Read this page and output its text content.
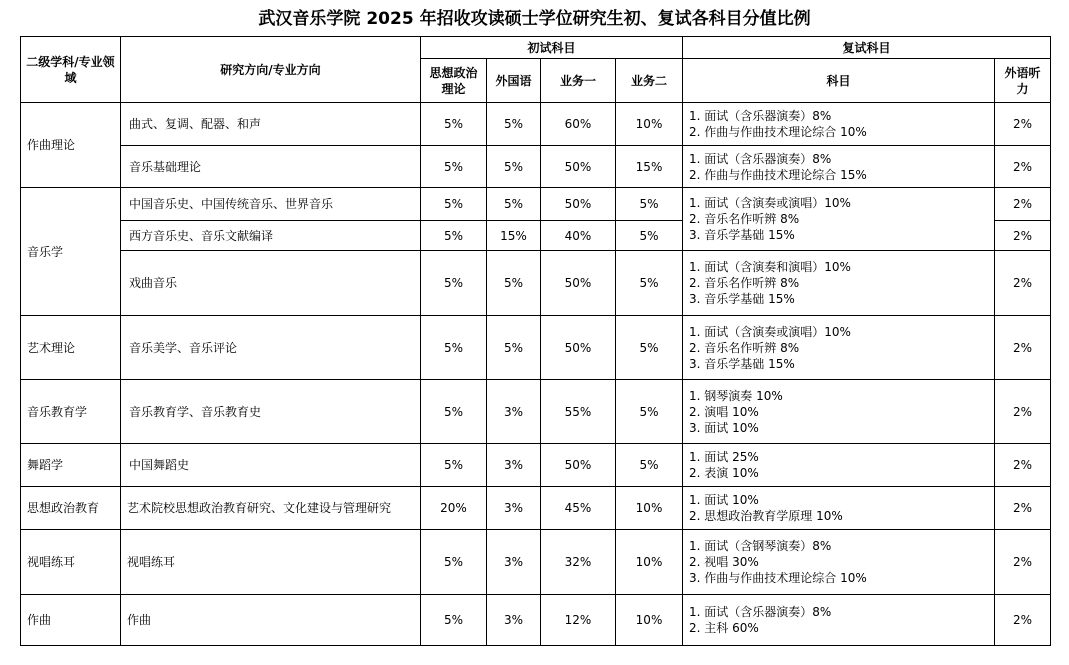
武汉音乐学院 2025 年招收攻读硕士学位研究生初、复试各科目分值比例
二级学科/专业领域	研究方向/专业方向	初试科目				复试科目	
		思想政治理论	外国语	业务一	业务二	科目	外语听力
作曲理论	曲式、复调、配器、和声	5%	5%	60%	10%	1. 面试（含乐器演奏）8%
2. 作曲与作曲技术理论综合 10%	2%
	音乐基础理论	5%	5%	50%	15%	1. 面试（含乐器演奏）8%
2. 作曲与作曲技术理论综合 15%	2%
音乐学	中国音乐史、中国传统音乐、世界音乐	5%	5%	50%	5%	1. 面试（含演奏或演唱）10%
2. 音乐名作听辨 8%
3. 音乐学基础 15%	2%
	西方音乐史、音乐文献编译	5%	15%	40%	5%		2%
	戏曲音乐	5%	5%	50%	5%	1. 面试（含演奏和演唱）10%
2. 音乐名作听辨 8%
3. 音乐学基础 15%	2%
艺术理论	音乐美学、音乐评论	5%	5%	50%	5%	1. 面试（含演奏或演唱）10%
2. 音乐名作听辨 8%
3. 音乐学基础 15%	2%
音乐教育学	音乐教育学、音乐教育史	5%	3%	55%	5%	1. 钢琴演奏 10%
2. 演唱 10%
3. 面试 10%	2%
舞蹈学	中国舞蹈史	5%	3%	50%	5%	1. 面试 25%
2. 表演 10%	2%
思想政治教育	艺术院校思想政治教育研究、文化建设与管理研究	20%	3%	45%	10%	1. 面试 10%
2. 思想政治教育学原理 10%	2%
视唱练耳	视唱练耳	5%	3%	32%	10%	1. 面试（含钢琴演奏）8%
2. 视唱 30%
3. 作曲与作曲技术理论综合 10%	2%
作曲	作曲	5%	3%	12%	10%	1. 面试（含乐器演奏）8%
2. 主科 60%	2%
